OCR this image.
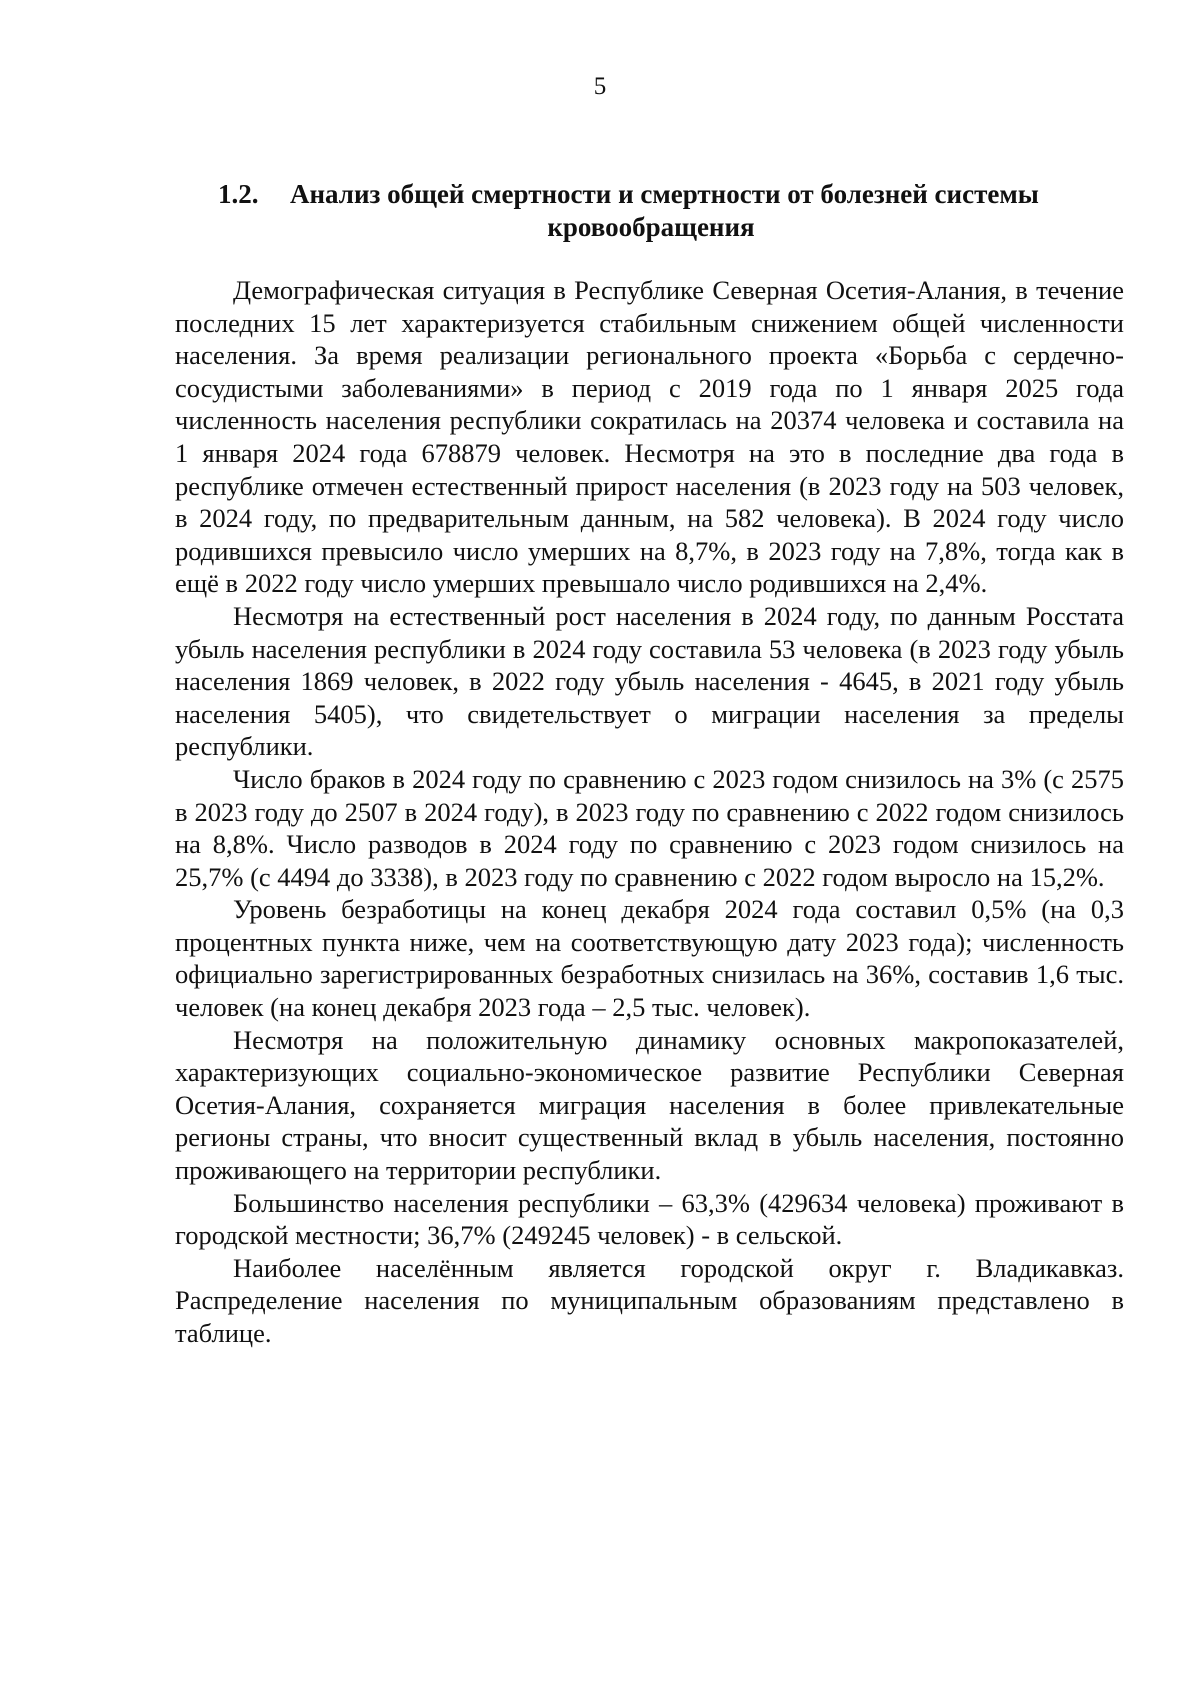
5
1.2. Анализ общей смертности и смертности от болезней системы
кровообращения

Демографическая ситуация в Республике Северная Осетия-Алания, в течение последних 15 лет характеризуется стабильным снижением общей численности населения. За время реализации регионального проекта «Борьба с сердечно-сосудистыми заболеваниями» в период с 2019 года по 1 января 2025 года численность населения республики сократилась на 20374 человека и составила на 1 января 2024 года 678879 человек. Несмотря на это в последние два года в республике отмечен естественный прирост населения (в 2023 году на 503 человек, в 2024 году, по предварительным данным, на 582 человека). В 2024 году число родившихся превысило число умерших на 8,7%, в 2023 году на 7,8%, тогда как в ещё в 2022 году число умерших превышало число родившихся на 2,4%.

Несмотря на естественный рост населения в 2024 году, по данным Росстата убыль населения республики в 2024 году составила 53 человека (в 2023 году убыль населения 1869 человек, в 2022 году убыль населения - 4645, в 2021 году убыль населения 5405), что свидетельствует о миграции населения за пределы республики.

Число браков в 2024 году по сравнению с 2023 годом снизилось на 3% (с 2575 в 2023 году до 2507 в 2024 году), в 2023 году по сравнению с 2022 годом снизилось на 8,8%. Число разводов в 2024 году по сравнению с 2023 годом снизилось на 25,7% (с 4494 до 3338), в 2023 году по сравнению с 2022 годом выросло на 15,2%.

Уровень безработицы на конец декабря 2024 года составил 0,5% (на 0,3 процентных пункта ниже, чем на соответствующую дату 2023 года); численность официально зарегистрированных безработных снизилась на 36%, составив 1,6 тыс. человек (на конец декабря 2023 года – 2,5 тыс. человек).

Несмотря на положительную динамику основных макропоказателей, характеризующих социально-экономическое развитие Республики Северная Осетия-Алания, сохраняется миграция населения в более привлекательные регионы страны, что вносит существенный вклад в убыль населения, постоянно проживающего на территории республики.

Большинство населения республики – 63,3% (429634 человека) проживают в городской местности; 36,7% (249245 человек) - в сельской.

Наиболее населённым является городской округ г. Владикавказ. Распределение населения по муниципальным образованиям представлено в таблице.
